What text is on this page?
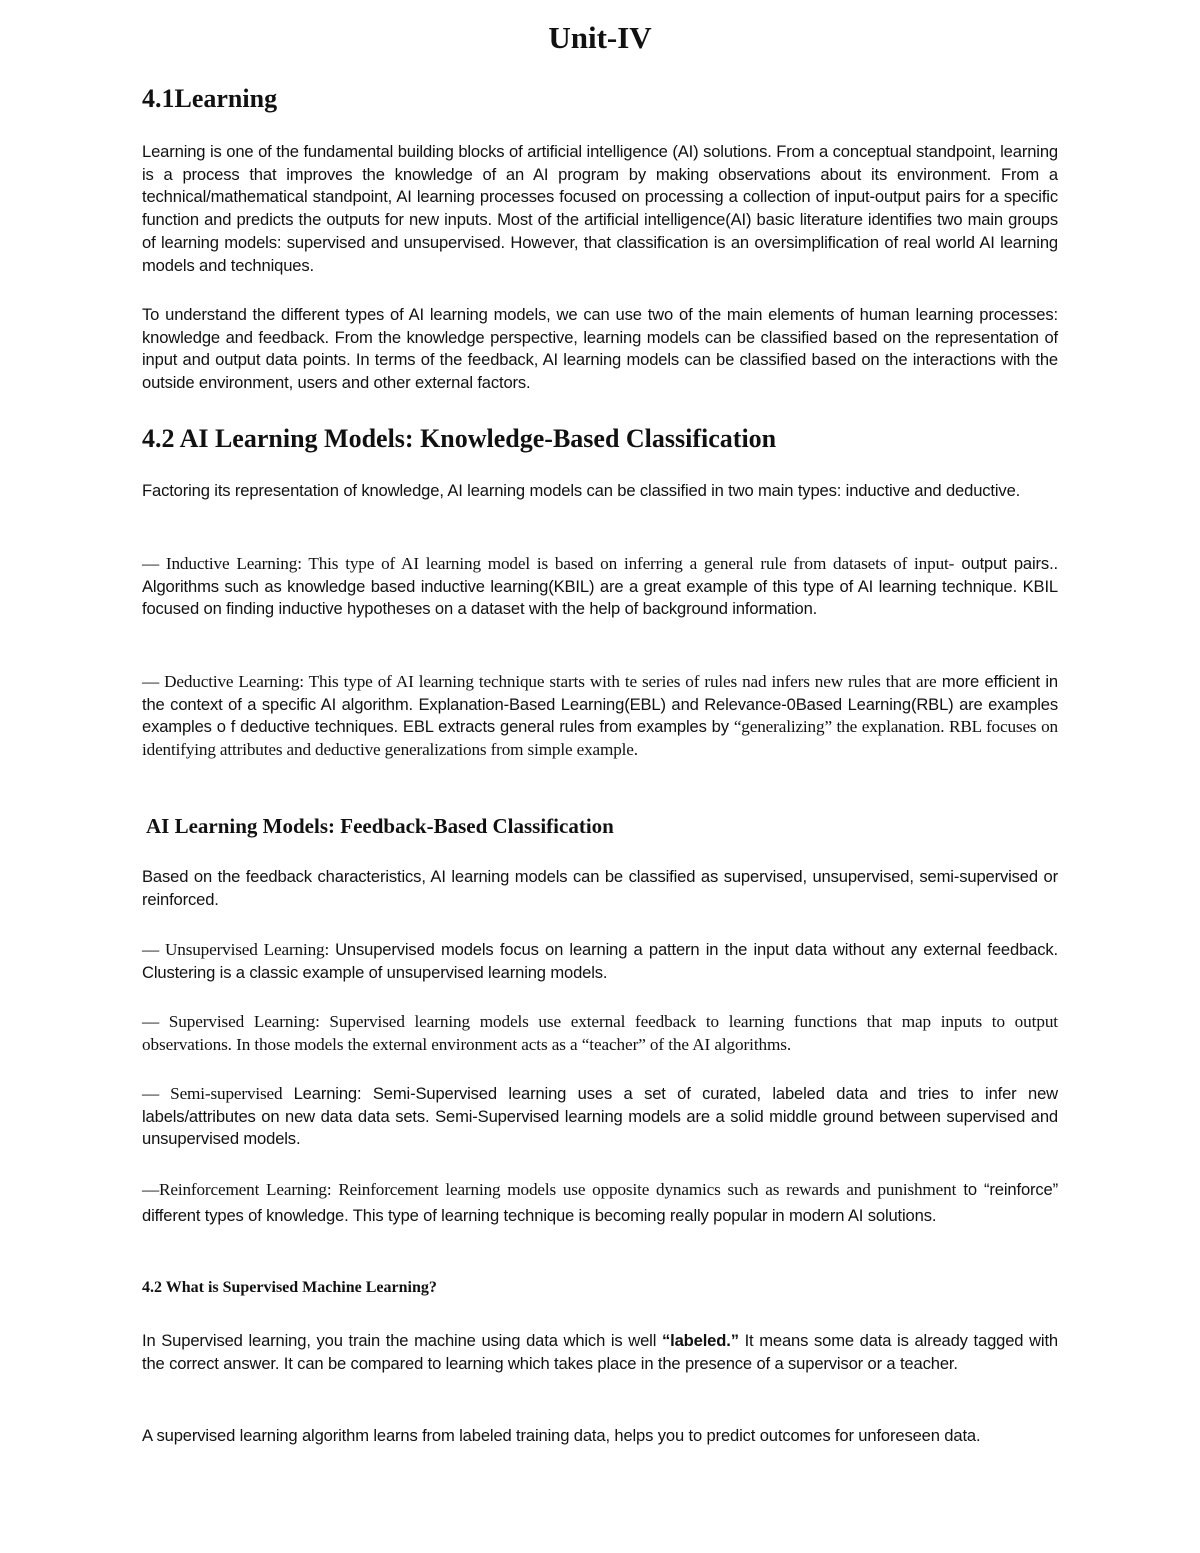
Unit-IV
4.1Learning

Learning is one of the fundamental building blocks of artificial intelligence (AI) solutions. From a conceptual standpoint, learning is a process that improves the knowledge of an AI program by making observations about its environment. From a technical/mathematical standpoint, AI learning processes focused on processing a collection of input-output pairs for a specific function and predicts the outputs for new inputs. Most of the artificial intelligence(AI) basic literature identifies two main groups of learning models: supervised and unsupervised. However, that classification is an oversimplification of real world AI learning models and techniques.

To understand the different types of AI learning models, we can use two of the main elements of human learning processes: knowledge and feedback. From the knowledge perspective, learning models can be classified based on the representation of input and output data points. In terms of the feedback, AI learning models can be classified based on the interactions with the outside environment, users and other external factors.

4.2 AI Learning Models: Knowledge-Based Classification

Factoring its representation of knowledge, AI learning models can be classified in two main types: inductive and deductive.

— Inductive Learning: This type of AI learning model is based on inferring a general rule from datasets of input- output pairs.. Algorithms such as knowledge based inductive learning(KBIL) are a great example of this type of AI learning technique. KBIL focused on finding inductive hypotheses on a dataset with the help of background information.

— Deductive Learning: This type of AI learning technique starts with te series of rules nad infers new rules that are more efficient in the context of a specific AI algorithm. Explanation-Based Learning(EBL) and Relevance-0Based Learning(RBL) are examples examples o f deductive techniques. EBL extracts general rules from examples by “generalizing” the explanation. RBL focuses on identifying attributes and deductive generalizations from simple example.

AI Learning Models: Feedback-Based Classification

Based on the feedback characteristics, AI learning models can be classified as supervised, unsupervised, semi-supervised or reinforced.

— Unsupervised Learning: Unsupervised models focus on learning a pattern in the input data without any external feedback. Clustering is a classic example of unsupervised learning models.

— Supervised Learning: Supervised learning models use external feedback to learning functions that map inputs to output observations. In those models the external environment acts as a “teacher” of the AI algorithms.

— Semi-supervised Learning: Semi-Supervised learning uses a set of curated, labeled data and tries to infer new labels/attributes on new data data sets. Semi-Supervised learning models are a solid middle ground between supervised and unsupervised models.

—Reinforcement Learning: Reinforcement learning models use opposite dynamics such as rewards and punishment to “reinforce” different types of knowledge. This type of learning technique is becoming really popular in modern AI solutions.

4.2 What is Supervised Machine Learning?

In Supervised learning, you train the machine using data which is well “labeled.” It means some data is already tagged with the correct answer. It can be compared to learning which takes place in the presence of a supervisor or a teacher.

A supervised learning algorithm learns from labeled training data, helps you to predict outcomes for unforeseen data.
